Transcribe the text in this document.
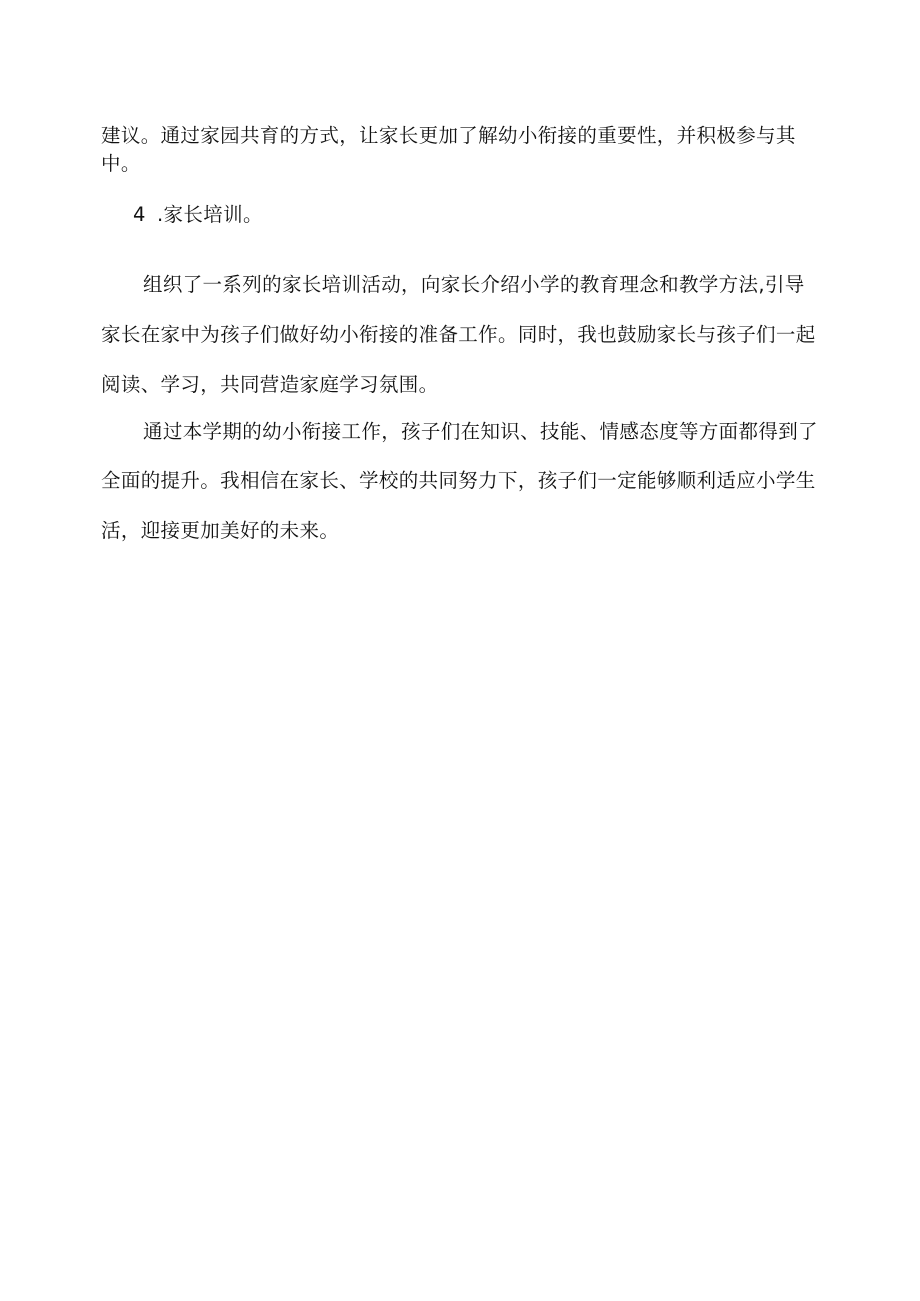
建议。通过家园共育的方式，让家长更加了解幼小衔接的重要性，并积极参与其
中。
4 .家长培训。
组织了一系列的家长培训活动，向家长介绍小学的教育理念和教学方法,引导
家长在家中为孩子们做好幼小衔接的准备工作。同时，我也鼓励家长与孩子们一起
阅读、学习，共同营造家庭学习氛围。
通过本学期的幼小衔接工作，孩子们在知识、技能、情感态度等方面都得到了
全面的提升。我相信在家长、学校的共同努力下，孩子们一定能够顺利适应小学生
活，迎接更加美好的未来。
